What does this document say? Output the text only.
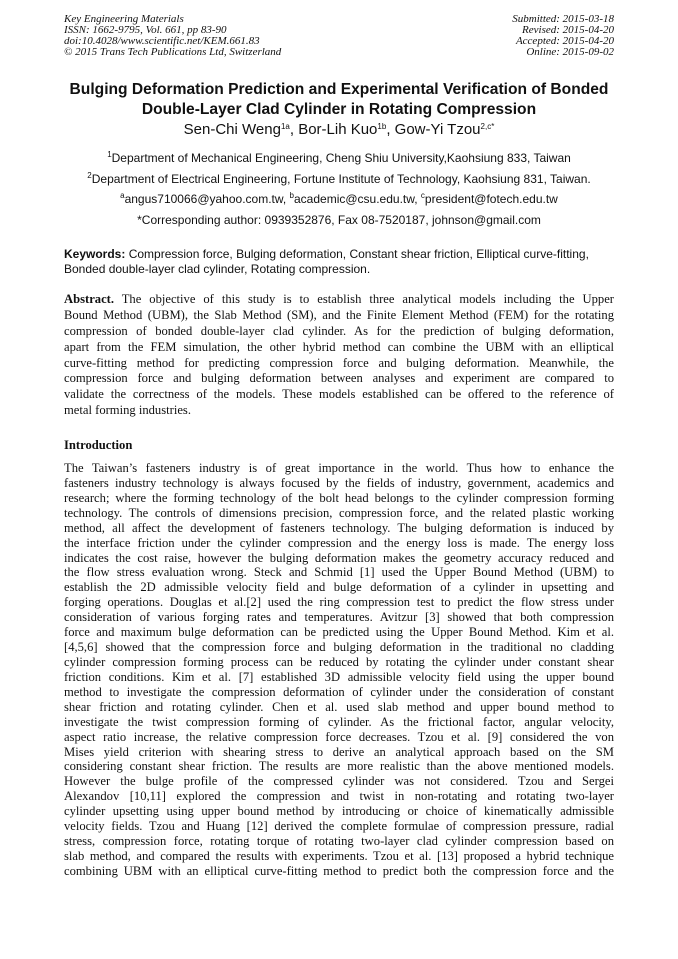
Key Engineering Materials
ISSN: 1662-9795, Vol. 661, pp 83-90
doi:10.4028/www.scientific.net/KEM.661.83
© 2015 Trans Tech Publications Ltd, Switzerland
Submitted: 2015-03-18
Revised: 2015-04-20
Accepted: 2015-04-20
Online: 2015-09-02
Bulging Deformation Prediction and Experimental Verification of Bonded
Double-Layer Clad Cylinder in Rotating Compression
Sen-Chi Weng$^{1a}$, Bor-Lih Kuo$^{1b}$, Gow-Yi Tzou$^{2,c*}$
$^1$Department of Mechanical Engineering, Cheng Shiu University,Kaohsiung 833, Taiwan
$^2$Department of Electrical Engineering, Fortune Institute of Technology, Kaohsiung 831, Taiwan.
$^a$angus710066@yahoo.com.tw, $^b$academic@csu.edu.tw, $^c$president@fotech.edu.tw
*Corresponding author: 0939352876, Fax 08-7520187, johnson@gmail.com
Keywords: Compression force, Bulging deformation, Constant shear friction, Elliptical curve-fitting,
Bonded double-layer clad cylinder, Rotating compression.
Abstract. The objective of this study is to establish three analytical models including the Upper
Bound Method (UBM), the Slab Method (SM), and the Finite Element Method (FEM) for the rotating
compression of bonded double-layer clad cylinder. As for the prediction of bulging deformation,
apart from the FEM simulation, the other hybrid method can combine the UBM with an elliptical
curve-fitting method for predicting compression force and bulging deformation. Meanwhile, the
compression force and bulging deformation between analyses and experiment are compared to
validate the correctness of the models. These models established can be offered to the reference of
metal forming industries.
Introduction
The Taiwan’s fasteners industry is of great importance in the world. Thus how to enhance the
fasteners industry technology is always focused by the fields of industry, government, academics and
research; where the forming technology of the bolt head belongs to the cylinder compression forming
technology. The controls of dimensions precision, compression force, and the related plastic working
method, all affect the development of fasteners technology. The bulging deformation is induced by
the interface friction under the cylinder compression and the energy loss is made. The energy loss
indicates the cost raise, however the bulging deformation makes the geometry accuracy reduced and
the flow stress evaluation wrong. Steck and Schmid [1] used the Upper Bound Method (UBM) to
establish the 2D admissible velocity field and bulge deformation of a cylinder in upsetting and
forging operations. Douglas et al.[2] used the ring compression test to predict the flow stress under
consideration of various forging rates and temperatures. Avitzur [3] showed that both compression
force and maximum bulge deformation can be predicted using the Upper Bound Method. Kim et al.
[4,5,6] showed that the compression force and bulging deformation in the traditional no cladding
cylinder compression forming process can be reduced by rotating the cylinder under constant shear
friction conditions. Kim et al. [7] established 3D admissible velocity field using the upper bound
method to investigate the compression deformation of cylinder under the consideration of constant
shear friction and rotating cylinder. Chen et al. used slab method and upper bound method to
investigate the twist compression forming of cylinder. As the frictional factor, angular velocity,
aspect ratio increase, the relative compression force decreases. Tzou et al. [9] considered the von
Mises yield criterion with shearing stress to derive an analytical approach based on the SM
considering constant shear friction. The results are more realistic than the above mentioned models.
However the bulge profile of the compressed cylinder was not considered. Tzou and Sergei
Alexandov [10,11] explored the compression and twist in non-rotating and rotating two-layer
cylinder upsetting using upper bound method by introducing or choice of kinematically admissible
velocity fields. Tzou and Huang [12] derived the complete formulae of compression pressure, radial
stress, compression force, rotating torque of rotating two-layer clad cylinder compression based on
slab method, and compared the results with experiments. Tzou et al. [13] proposed a hybrid technique
combining UBM with an elliptical curve-fitting method to predict both the compression force and the
